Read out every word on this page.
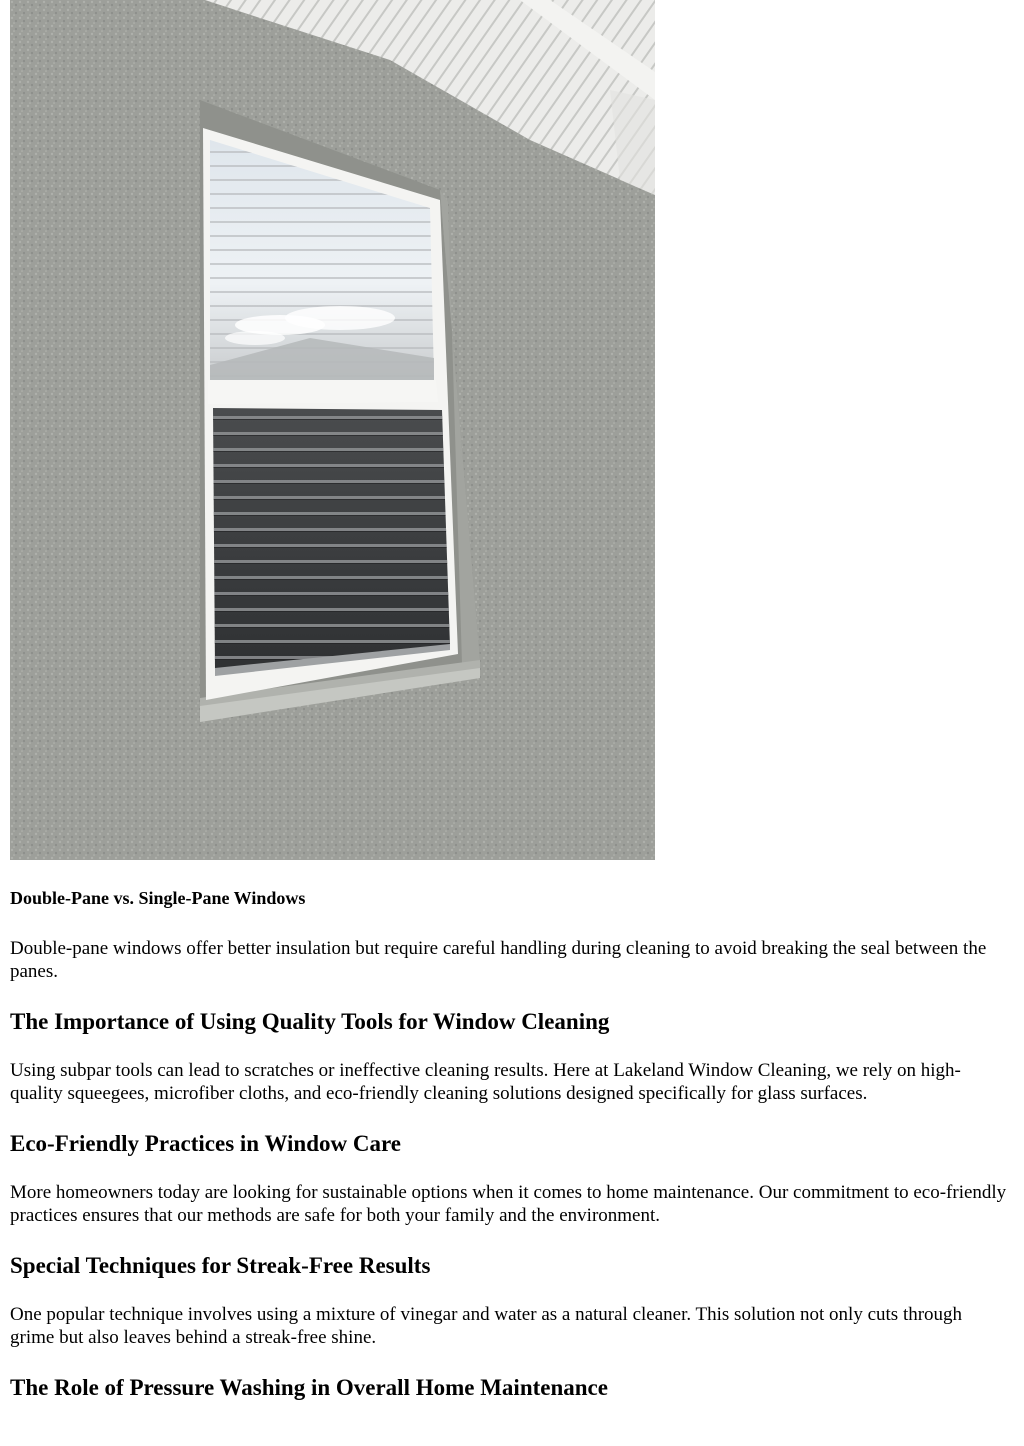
Double-Pane vs. Single-Pane Windows

Double-pane windows offer better insulation but require careful handling during cleaning to avoid breaking the seal between the panes.

The Importance of Using Quality Tools for Window Cleaning

Using subpar tools can lead to scratches or ineffective cleaning results. Here at Lakeland Window Cleaning, we rely on high-quality squeegees, microfiber cloths, and eco-friendly cleaning solutions designed specifically for glass surfaces.

Eco-Friendly Practices in Window Care

More homeowners today are looking for sustainable options when it comes to home maintenance. Our commitment to eco-friendly practices ensures that our methods are safe for both your family and the environment.

Special Techniques for Streak-Free Results

One popular technique involves using a mixture of vinegar and water as a natural cleaner. This solution not only cuts through grime but also leaves behind a streak-free shine.

The Role of Pressure Washing in Overall Home Maintenance
